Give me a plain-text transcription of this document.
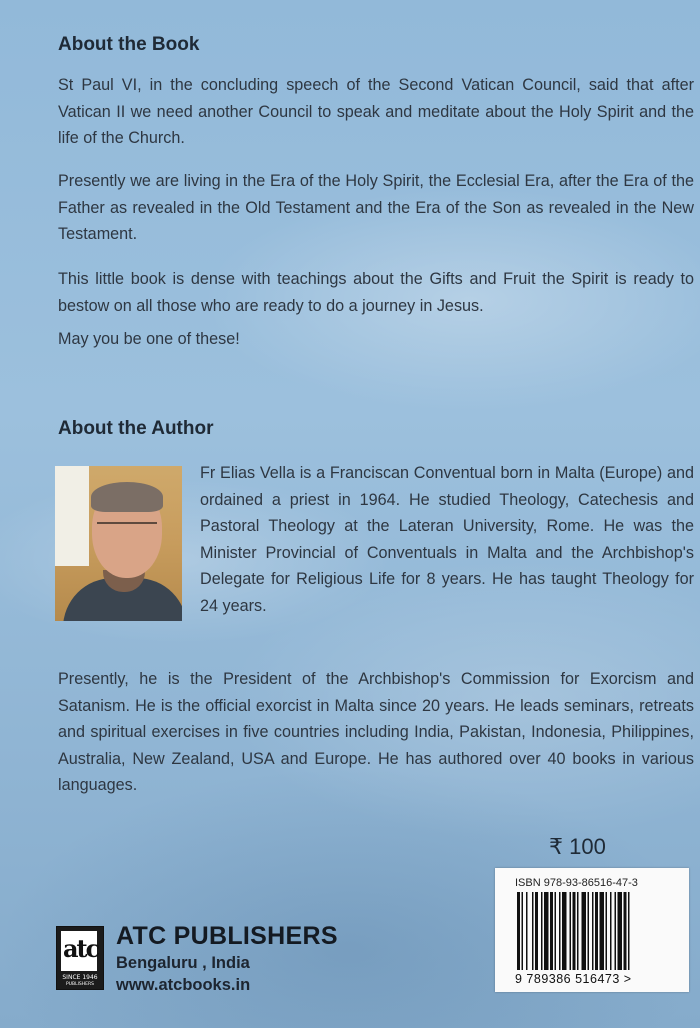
About the Book

St Paul VI, in the concluding speech of the Second Vatican Council, said that after Vatican II we need another Council to speak and meditate about the Holy Spirit and the life of the Church.

Presently we are living in the Era of the Holy Spirit, the Ecclesial Era, after the Era of the Father as revealed in the Old Testament and the Era of the Son as revealed in the New Testament.

This little book is dense with teachings about the Gifts and Fruit the Spirit is ready to bestow on all those who are ready to do a journey in Jesus.

May you be one of these!

About the Author

Fr Elias Vella is a Franciscan Conventual born in Malta (Europe) and ordained a priest in 1964. He studied Theology, Catechesis and Pastoral Theology at the Lateran University, Rome. He was the Minister Provincial of Conventuals in Malta and the Archbishop's Delegate for Religious Life for 8 years. He has taught Theology for 24 years.

Presently, he is the President of the Archbishop's Commission for Exorcism and Satanism. He is the official exorcist in Malta since 20 years. He leads seminars, retreats and spiritual exercises in five countries including India, Pakistan, Indonesia, Philippines, Australia, New Zealand, USA and Europe. He has authored over 40 books in various languages.

₹ 100
ISBN 978-93-86516-47-3
9 789386 516473 >
atc
SINCE 1946
PUBLISHERS
ATC PUBLISHERS
Bengaluru , India
www.atcbooks.in
